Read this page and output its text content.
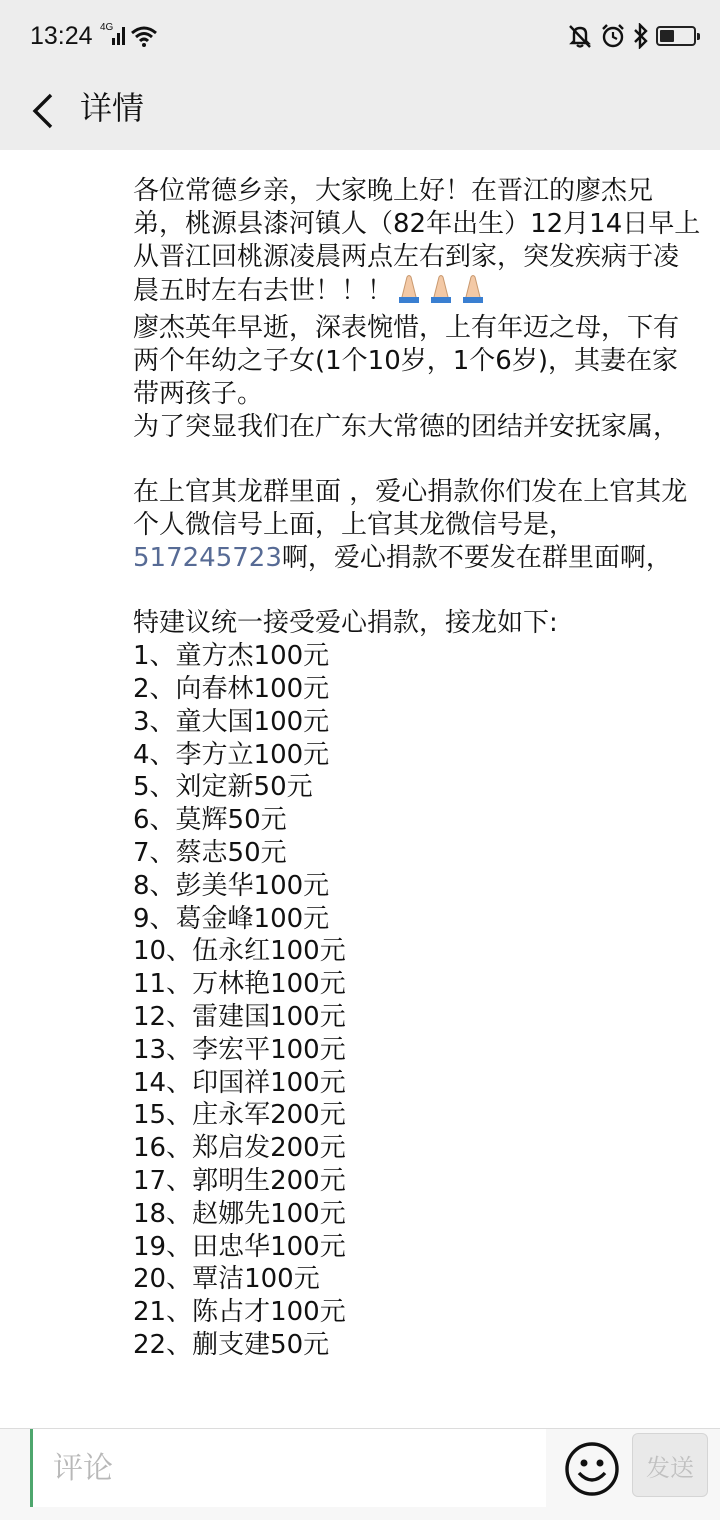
13:24 4G
详情

各位常德乡亲，大家晚上好！在晋江的廖杰兄弟，桃源县漆河镇人（82年出生）12月14日早上从晋江回桃源凌晨两点左右到家，突发疾病于凌晨五时左右去世！！！

廖杰英年早逝，深表惋惜，上有年迈之母，下有两个年幼之子女(1个10岁，1个6岁)，其妻在家带两孩子。

为了突显我们在广东大常德的团结并安抚家属，

在上官其龙群里面 ，爱心捐款你们发在上官其龙个人微信号上面，上官其龙微信号是，517245723啊，爱心捐款不要发在群里面啊，

特建议统一接受爱心捐款，接龙如下:

1、童方杰100元
2、向春林100元
3、童大国100元
4、李方立100元
5、刘定新50元
6、莫辉50元
7、蔡志50元
8、彭美华100元
9、葛金峰100元
10、伍永红100元
11、万林艳100元
12、雷建国100元
13、李宏平100元
14、印国祥100元
15、庄永军200元
16、郑启发200元
17、郭明生200元
18、赵娜先100元
19、田忠华100元
20、覃洁100元
21、陈占才100元
22、蒯支建50元
评论
发送
